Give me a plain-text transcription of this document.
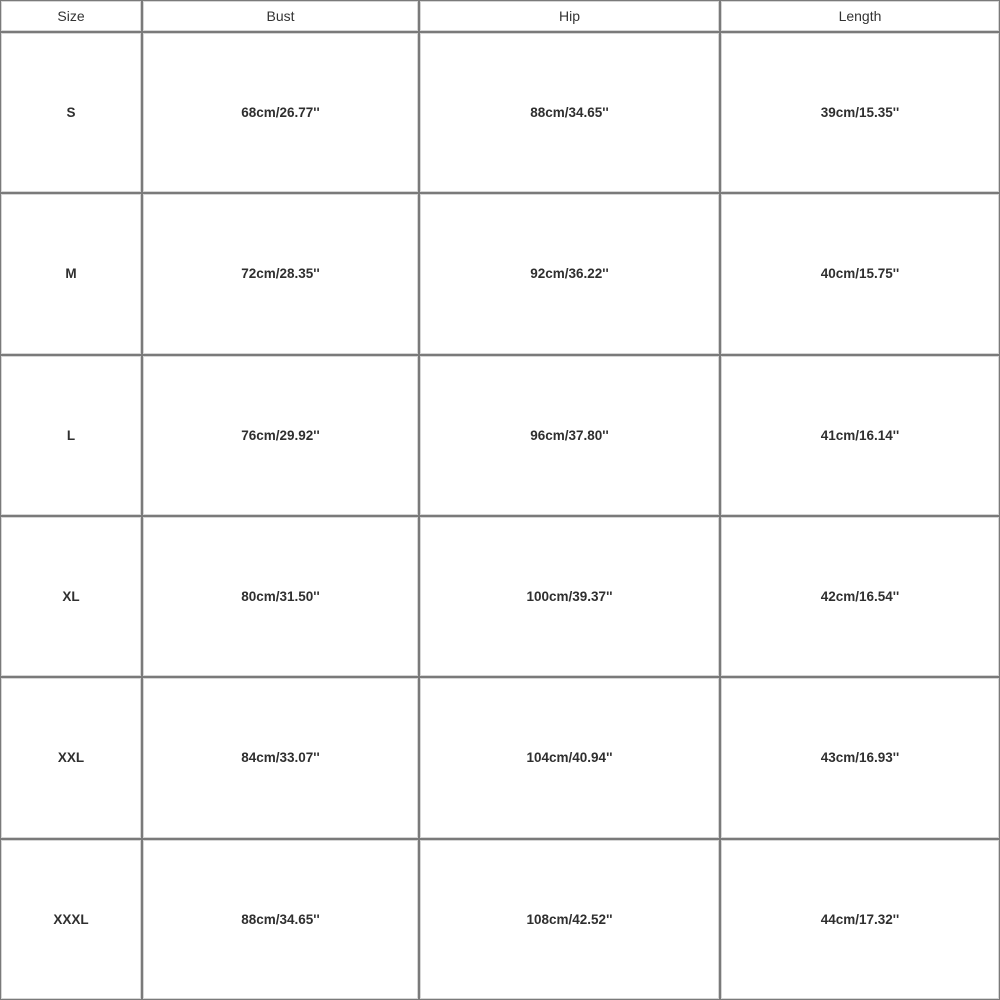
Size	Bust	Hip	Length
S	68cm/26.77''	88cm/34.65''	39cm/15.35''
M	72cm/28.35''	92cm/36.22''	40cm/15.75''
L	76cm/29.92''	96cm/37.80''	41cm/16.14''
XL	80cm/31.50''	100cm/39.37''	42cm/16.54''
XXL	84cm/33.07''	104cm/40.94''	43cm/16.93''
XXXL	88cm/34.65''	108cm/42.52''	44cm/17.32''
